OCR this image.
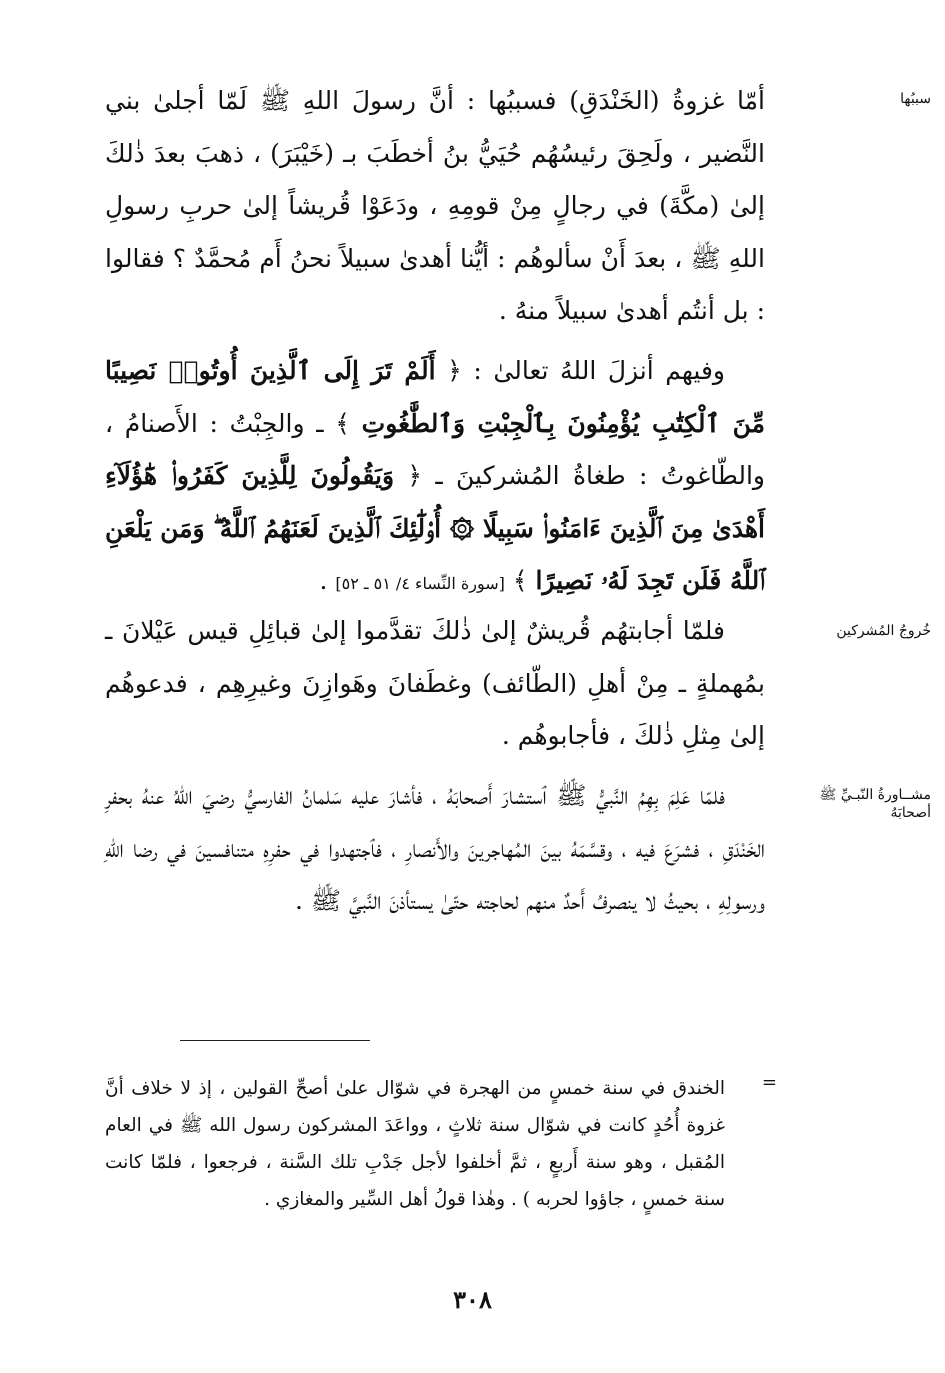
سببُها
خُروجُ المُشركين
مشــاورةُ النّبـيِّ ﷺ أصحابَهُ

أمّا غزوةُ (الخَنْدَقِ) فسببُها : أنَّ رسولَ اللهِ ﷺ لَمّا أجلىٰ بني النَّضير ، ولَحِقَ رئيسُهُم حُيَيُّ بنُ أخطَبَ بـ (خَيْبَرَ) ، ذهبَ بعدَ ذٰلكَ إلىٰ (مكَّةَ) في رجالٍ مِنْ قومِهِ ، ودَعَوْا قُريشاً إلىٰ حربِ رسولِ اللهِ ﷺ ، بعدَ أَنْ سألوهُم : أيُّنا أهدىٰ سبيلاً نحنُ أَم مُحمَّدٌ ؟ فقالوا : بل أنتُم أهدىٰ سبيلاً منهُ .

وفيهم أنزلَ اللهُ تعالىٰ : ﴿ أَلَمْ تَرَ إِلَى ٱلَّذِينَ أُوتُوا۟ نَصِيبًا مِّنَ ٱلْكِتَٰبِ يُؤْمِنُونَ بِٱلْجِبْتِ وَٱلطَّٰغُوتِ ﴾ ـ والجِبْتُ : الأَصنامُ ، والطّاغوتُ : طغاةُ المُشركينَ ـ ﴿ وَيَقُولُونَ لِلَّذِينَ كَفَرُوا۟ هَٰٓؤُلَآءِ أَهْدَىٰ مِنَ ٱلَّذِينَ ءَامَنُوا۟ سَبِيلًا ۞ أُو۟لَٰٓئِكَ ٱلَّذِينَ لَعَنَهُمُ ٱللَّهُ ۖ وَمَن يَلْعَنِ ٱللَّهُ فَلَن تَجِدَ لَهُۥ نَصِيرًا ﴾ [سورة النِّساء ٤/ ٥١ ـ ٥٢] .

فلمّا أجابتهُم قُريشٌ إلىٰ ذٰلكَ تقدَّموا إلىٰ قبائِلِ قيس عَيْلانَ ـ بمُهملةٍ ـ مِنْ أهلِ (الطّائف) وغطَفانَ وهَوازِنَ وغيرِهِم ، فدعوهُم إلىٰ مِثلِ ذٰلكَ ، فأجابوهُم .

فلمّا عَلِمَ بِهِمُ النَّبيُّ ﷺ ٱستشارَ أَصحابَهُ ، فأشارَ عليه سَلمانُ الفارسيُّ رضيَ اللهُ عنهُ بحفرِ الخَنْدَقِ ، فشرَعَ فيه ، وقسَّمَهُ بينَ المُهاجرينَ والأَنصارِ ، فٱجتهدوا في حفرِهِ متنافسينَ في رضا اللهِ ورسولِهِ ، بحيثُ لا ينصرفُ أَحدٌ منهم لحاجته حتّىٰ يستأذنَ النَّبيَّ ﷺ .

=

الخندق في سنة خمسٍ من الهجرة في شوّال علىٰ أصحِّ القولين ، إذ لا خلاف أنَّ غزوة أُحُدٍ كانت في شوّال سنة ثلاثٍ ، وواعَدَ المشركون رسول الله ﷺ في العام المُقبل ، وهو سنة أَربعٍ ، ثمَّ أخلفوا لأجل جَدْبِ تلك السَّنة ، فرجعوا ، فلمّا كانت سنة خمسٍ ، جاؤوا لحربه ) . وهٰذا قولُ أهل السِّير والمغازي .

٣٠٨
